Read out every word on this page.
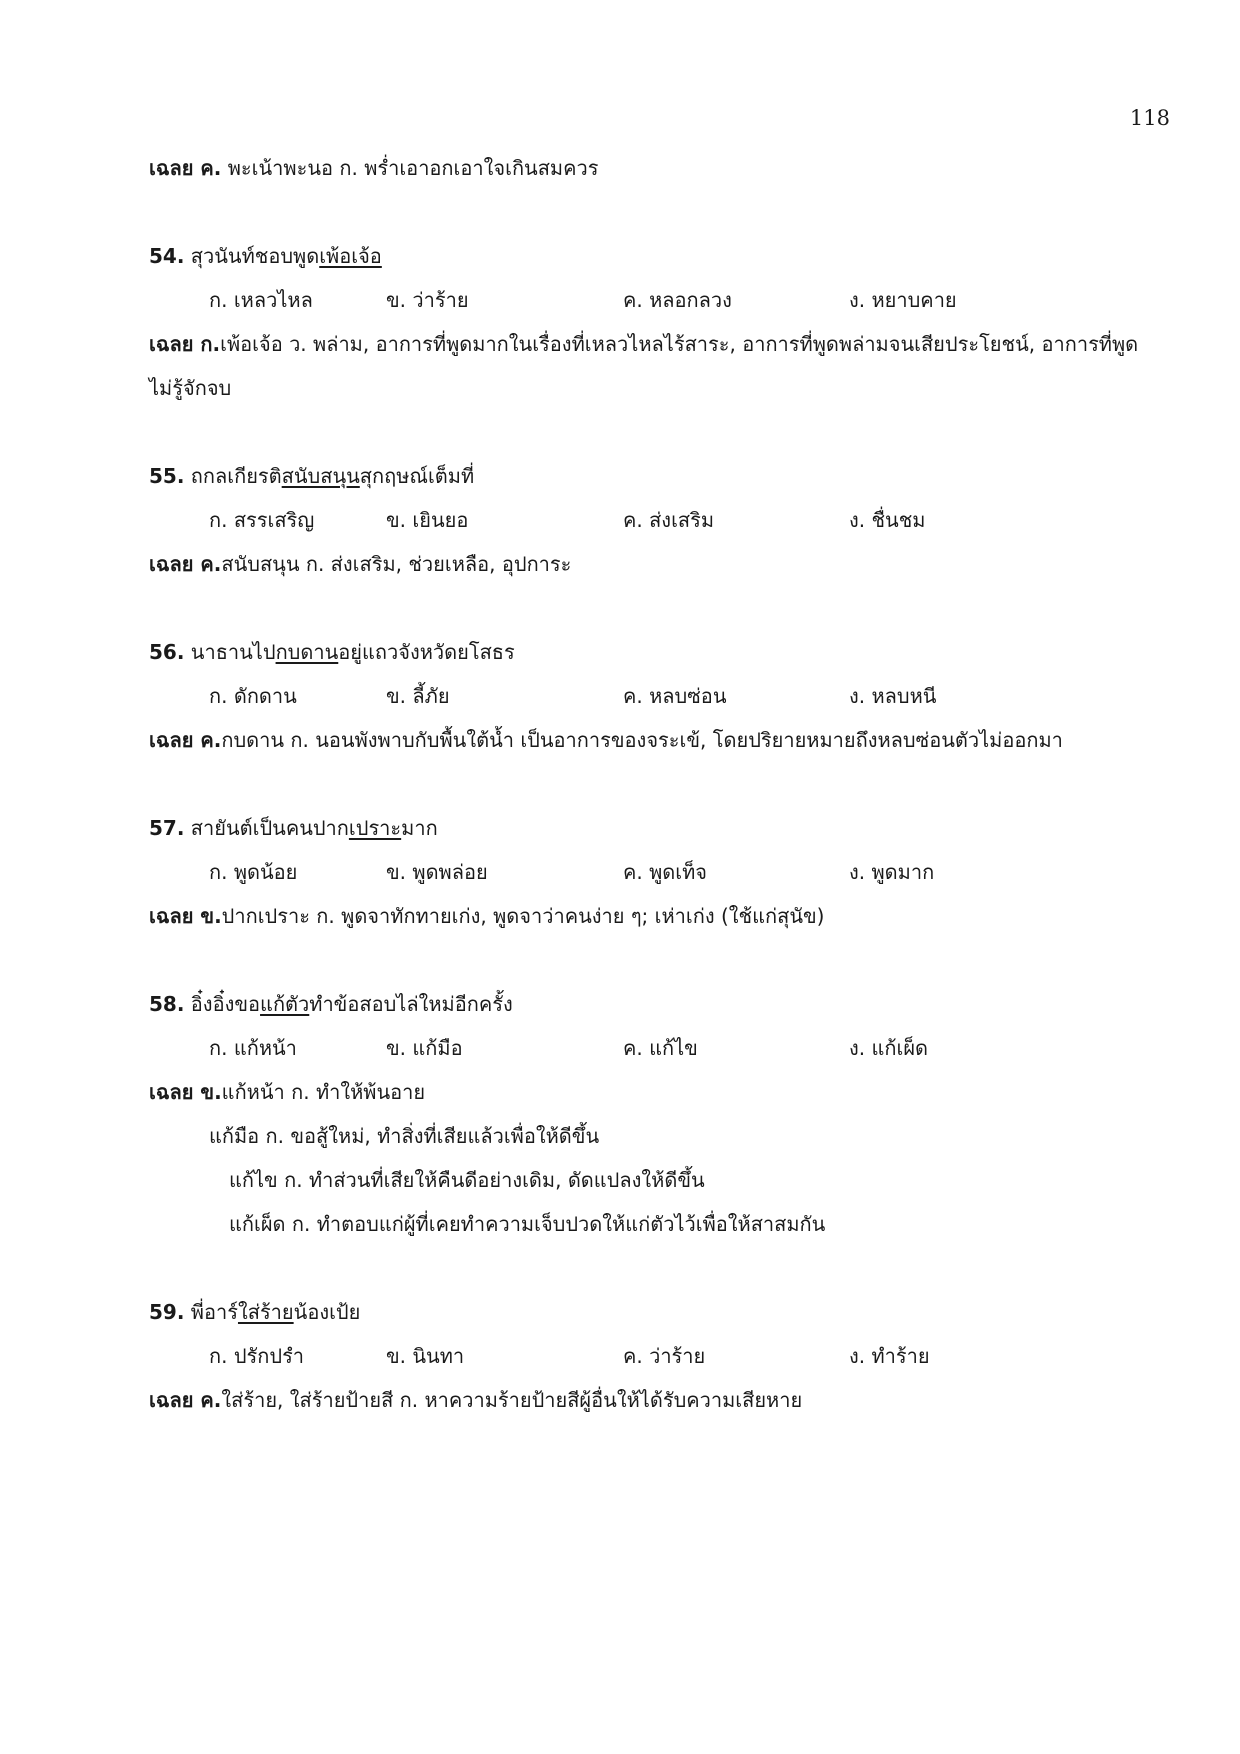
118
เฉลย ค. พะเน้าพะนอ ก. พร่ำเอาอกเอาใจเกินสมควร
54. สุวนันท์ชอบพูดเพ้อเจ้อ
ก. เหลวไหล	ข. ว่าร้าย	ค. หลอกลวง	ง. หยาบคาย
เฉลย ก.เพ้อเจ้อ ว. พล่าม, อาการที่พูดมากในเรื่องที่เหลวไหลไร้สาระ, อาการที่พูดพล่ามจนเสียประโยชน์, อาการที่พูด
ไม่รู้จักจบ
55. ถกลเกียรติสนับสนุนสุกฤษณ์เต็มที่
ก. สรรเสริญ	ข. เยินยอ	ค. ส่งเสริม	ง. ชื่นชม
เฉลย ค.สนับสนุน ก. ส่งเสริม, ช่วยเหลือ, อุปการะ
56. นาธานไปกบดานอยู่แถวจังหวัดยโสธร
ก. ดักดาน	ข. ลี้ภัย	ค. หลบซ่อน	ง. หลบหนี
เฉลย ค.กบดาน ก. นอนพังพาบกับพื้นใต้น้ำ เป็นอาการของจระเข้, โดยปริยายหมายถึงหลบซ่อนตัวไม่ออกมา
57. สายันต์เป็นคนปากเปราะมาก
ก. พูดน้อย	ข. พูดพล่อย	ค. พูดเท็จ	ง. พูดมาก
เฉลย ข.ปากเปราะ ก. พูดจาทักทายเก่ง, พูดจาว่าคนง่าย ๆ; เห่าเก่ง (ใช้แก่สุนัข)
58. อิ๋งอิ๋งขอแก้ตัวทำข้อสอบไล่ใหม่อีกครั้ง
ก. แก้หน้า	ข. แก้มือ	ค. แก้ไข	ง. แก้เผ็ด
เฉลย ข.แก้หน้า ก. ทำให้พ้นอาย
แก้มือ ก. ขอสู้ใหม่, ทำสิ่งที่เสียแล้วเพื่อให้ดีขึ้น
แก้ไข ก. ทำส่วนที่เสียให้คืนดีอย่างเดิม, ดัดแปลงให้ดีขึ้น
แก้เผ็ด ก. ทำตอบแก่ผู้ที่เคยทำความเจ็บปวดให้แก่ตัวไว้เพื่อให้สาสมกัน
59. พี่อาร์ใส่ร้ายน้องเป้ย
ก. ปรักปรำ	ข. นินทา	ค. ว่าร้าย	ง. ทำร้าย
เฉลย ค.ใส่ร้าย, ใส่ร้ายป้ายสี ก. หาความร้ายป้ายสีผู้อื่นให้ได้รับความเสียหาย
